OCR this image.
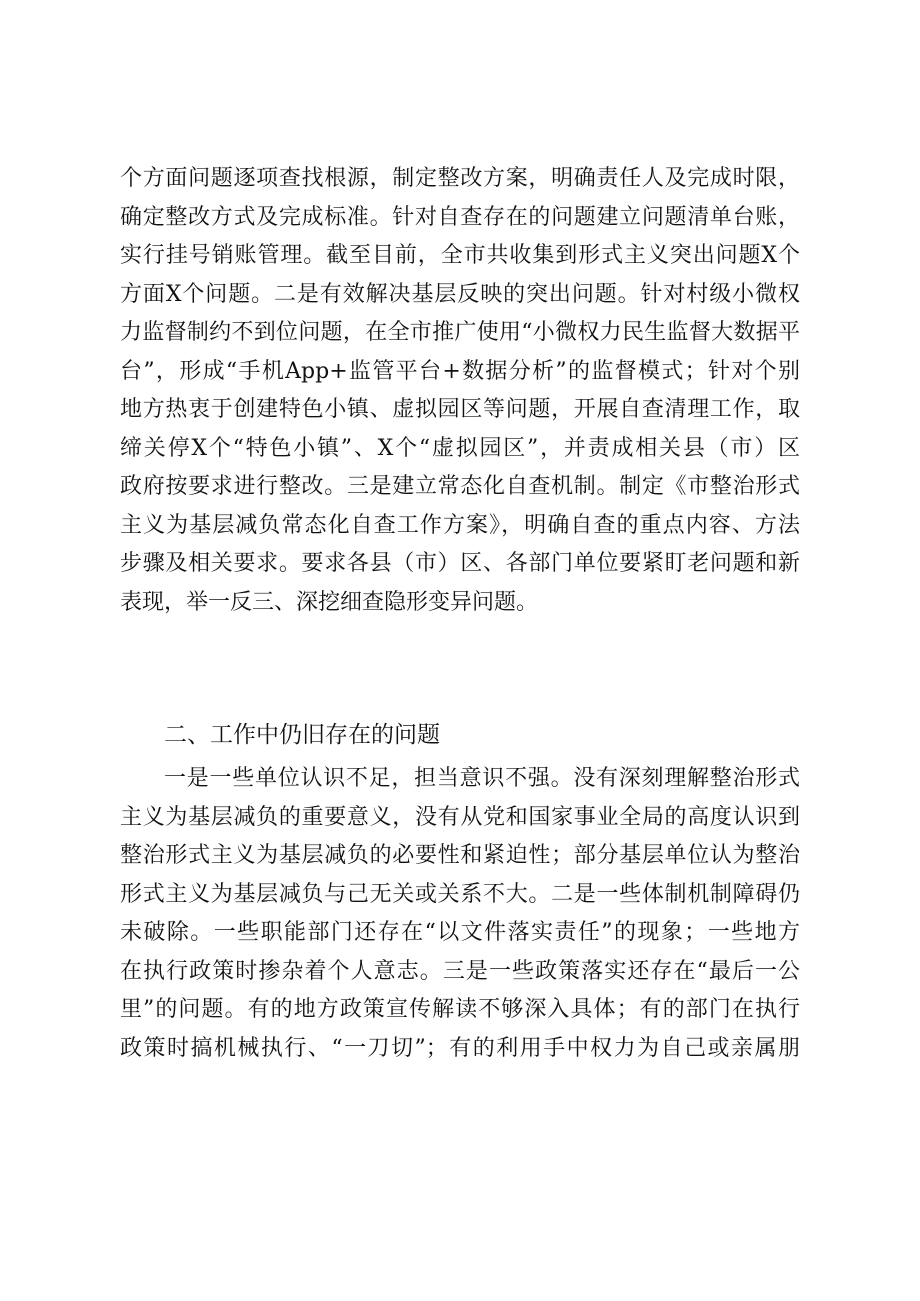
个方面问题逐项查找根源，制定整改方案，明确责任人及完成时限，
确定整改方式及完成标准。针对自查存在的问题建立问题清单台账，
实行挂号销账管理。截至目前，全市共收集到形式主义突出问题X个
方面X个问题。二是有效解决基层反映的突出问题。针对村级小微权
力监督制约不到位问题，在全市推广使用“小微权力民生监督大数据平
台”，形成“手机App+监管平台+数据分析”的监督模式；针对个别
地方热衷于创建特色小镇、虚拟园区等问题，开展自查清理工作，取
缔关停X个“特色小镇”、X个“虚拟园区”，并责成相关县（市）区
政府按要求进行整改。三是建立常态化自查机制。制定《市整治形式
主义为基层减负常态化自查工作方案》，明确自查的重点内容、方法
步骤及相关要求。要求各县（市）区、各部门单位要紧盯老问题和新
表现，举一反三、深挖细查隐形变异问题。
二、工作中仍旧存在的问题
一是一些单位认识不足，担当意识不强。没有深刻理解整治形式
主义为基层减负的重要意义，没有从党和国家事业全局的高度认识到
整治形式主义为基层减负的必要性和紧迫性；部分基层单位认为整治
形式主义为基层减负与己无关或关系不大。二是一些体制机制障碍仍
未破除。一些职能部门还存在“以文件落实责任”的现象；一些地方
在执行政策时掺杂着个人意志。三是一些政策落实还存在“最后一公
里”的问题。有的地方政策宣传解读不够深入具体；有的部门在执行
政策时搞机械执行、“一刀切”；有的利用手中权力为自己或亲属朋
